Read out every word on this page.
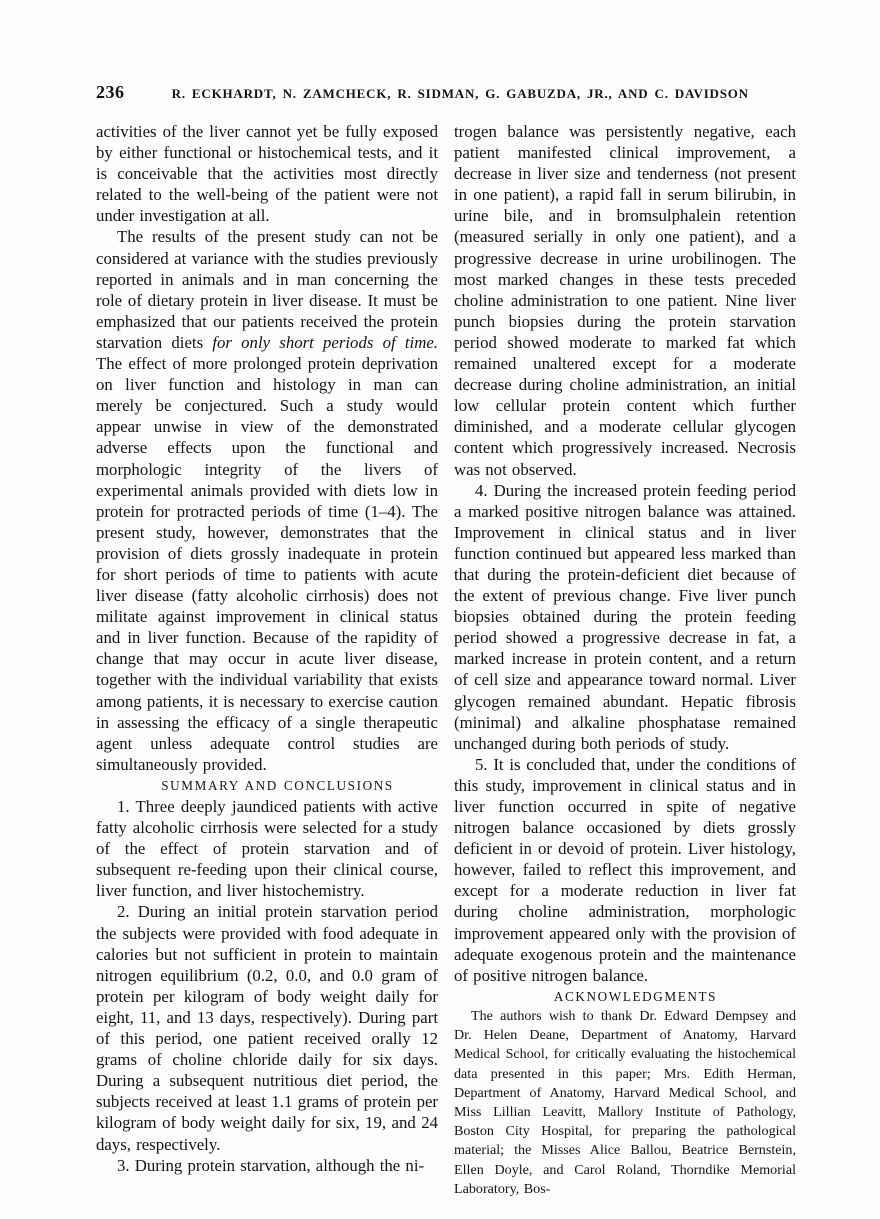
236	R. ECKHARDT, N. ZAMCHECK, R. SIDMAN, G. GABUZDA, JR., AND C. DAVIDSON

activities of the liver cannot yet be fully exposed by either functional or histochemical tests, and it is conceivable that the activities most directly related to the well-being of the patient were not under investigation at all.

The results of the present study can not be considered at variance with the studies previously reported in animals and in man concerning the role of dietary protein in liver disease. It must be emphasized that our patients received the protein starvation diets for only short periods of time. The effect of more prolonged protein deprivation on liver function and histology in man can merely be conjectured. Such a study would appear unwise in view of the demonstrated adverse effects upon the functional and morphologic integrity of the livers of experimental animals provided with diets low in protein for protracted periods of time (1–4). The present study, however, demonstrates that the provision of diets grossly inadequate in protein for short periods of time to patients with acute liver disease (fatty alcoholic cirrhosis) does not militate against improvement in clinical status and in liver function. Because of the rapidity of change that may occur in acute liver disease, together with the individual variability that exists among patients, it is necessary to exercise caution in assessing the efficacy of a single therapeutic agent unless adequate control studies are simultaneously provided.

SUMMARY AND CONCLUSIONS

1. Three deeply jaundiced patients with active fatty alcoholic cirrhosis were selected for a study of the effect of protein starvation and of subsequent re-feeding upon their clinical course, liver function, and liver histochemistry.

2. During an initial protein starvation period the subjects were provided with food adequate in calories but not sufficient in protein to maintain nitrogen equilibrium (0.2, 0.0, and 0.0 gram of protein per kilogram of body weight daily for eight, 11, and 13 days, respectively). During part of this period, one patient received orally 12 grams of choline chloride daily for six days. During a subsequent nutritious diet period, the subjects received at least 1.1 grams of protein per kilogram of body weight daily for six, 19, and 24 days, respectively.

3. During protein starvation, although the ni-

trogen balance was persistently negative, each patient manifested clinical improvement, a decrease in liver size and tenderness (not present in one patient), a rapid fall in serum bilirubin, in urine bile, and in bromsulphalein retention (measured serially in only one patient), and a progressive decrease in urine urobilinogen. The most marked changes in these tests preceded choline administration to one patient. Nine liver punch biopsies during the protein starvation period showed moderate to marked fat which remained unaltered except for a moderate decrease during choline administration, an initial low cellular protein content which further diminished, and a moderate cellular glycogen content which progressively increased. Necrosis was not observed.

4. During the increased protein feeding period a marked positive nitrogen balance was attained. Improvement in clinical status and in liver function continued but appeared less marked than that during the protein-deficient diet because of the extent of previous change. Five liver punch biopsies obtained during the protein feeding period showed a progressive decrease in fat, a marked increase in protein content, and a return of cell size and appearance toward normal. Liver glycogen remained abundant. Hepatic fibrosis (minimal) and alkaline phosphatase remained unchanged during both periods of study.

5. It is concluded that, under the conditions of this study, improvement in clinical status and in liver function occurred in spite of negative nitrogen balance occasioned by diets grossly deficient in or devoid of protein. Liver histology, however, failed to reflect this improvement, and except for a moderate reduction in liver fat during choline administration, morphologic improvement appeared only with the provision of adequate exogenous protein and the maintenance of positive nitrogen balance.

ACKNOWLEDGMENTS

The authors wish to thank Dr. Edward Dempsey and Dr. Helen Deane, Department of Anatomy, Harvard Medical School, for critically evaluating the histochemical data presented in this paper; Mrs. Edith Herman, Department of Anatomy, Harvard Medical School, and Miss Lillian Leavitt, Mallory Institute of Pathology, Boston City Hospital, for preparing the pathological material; the Misses Alice Ballou, Beatrice Bernstein, Ellen Doyle, and Carol Roland, Thorndike Memorial Laboratory, Bos-
